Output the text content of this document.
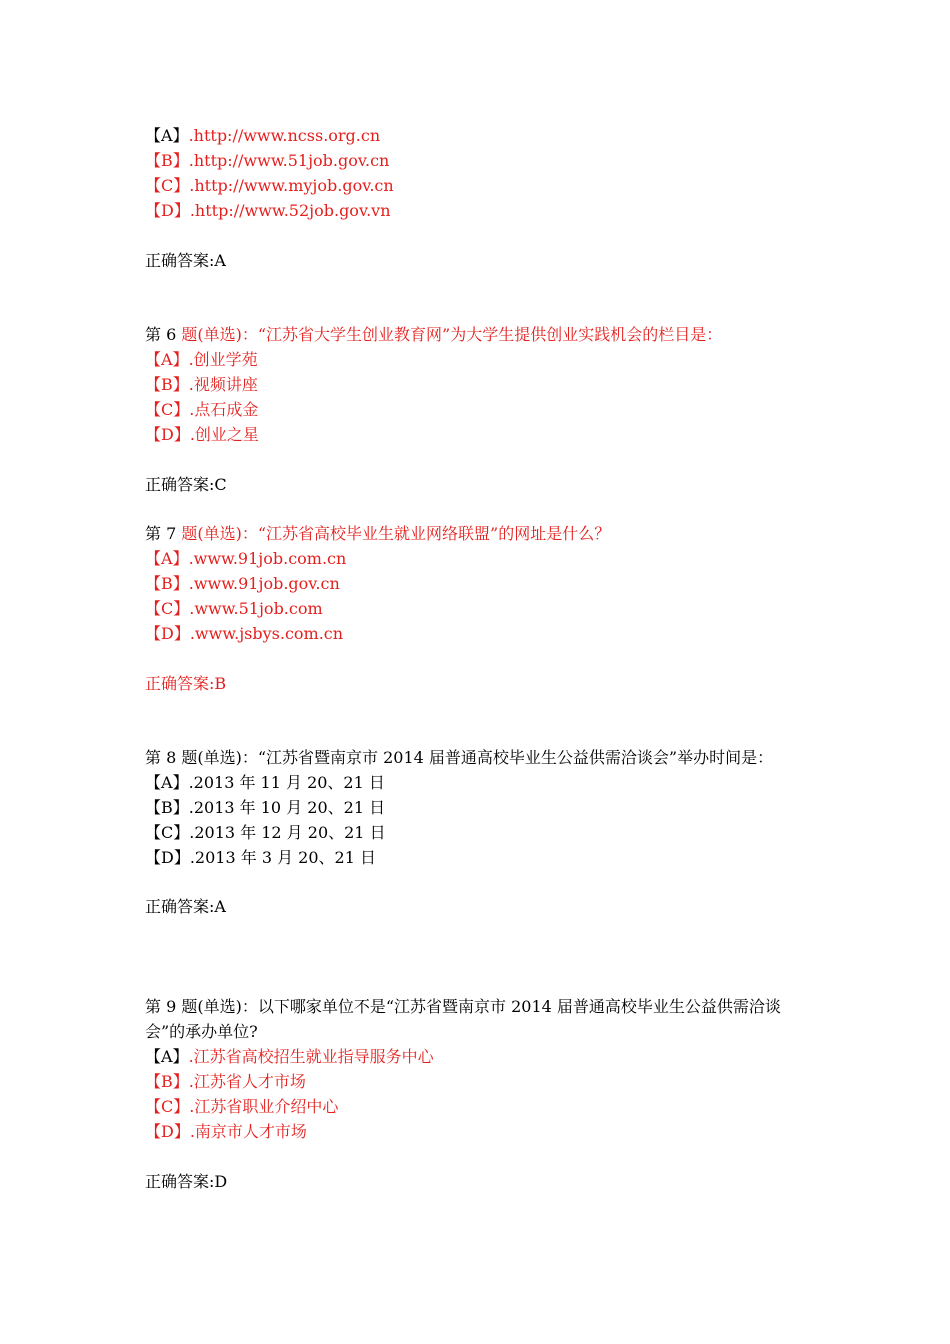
【A】.http://www.ncss.org.cn
【B】.http://www.51job.gov.cn
【C】.http://www.myjob.gov.cn
【D】.http://www.52job.gov.vn
正确答案:A
第 6 题(单选)：“江苏省大学生创业教育网”为大学生提供创业实践机会的栏目是：
【A】.创业学苑
【B】.视频讲座
【C】.点石成金
【D】.创业之星
正确答案:C
第 7 题(单选)：“江苏省高校毕业生就业网络联盟”的网址是什么？
【A】.www.91job.com.cn
【B】.www.91job.gov.cn
【C】.www.51job.com
【D】.www.jsbys.com.cn
正确答案:B
第 8 题(单选)：“江苏省暨南京市 2014 届普通高校毕业生公益供需洽谈会”举办时间是：
【A】.2013 年 11 月 20、21 日
【B】.2013 年 10 月 20、21 日
【C】.2013 年 12 月 20、21 日
【D】.2013 年 3 月 20、21 日
正确答案:A
第 9 题(单选)：以下哪家单位不是“江苏省暨南京市 2014 届普通高校毕业生公益供需洽谈
会”的承办单位?
【A】.江苏省高校招生就业指导服务中心
【B】.江苏省人才市场
【C】.江苏省职业介绍中心
【D】.南京市人才市场
正确答案:D
